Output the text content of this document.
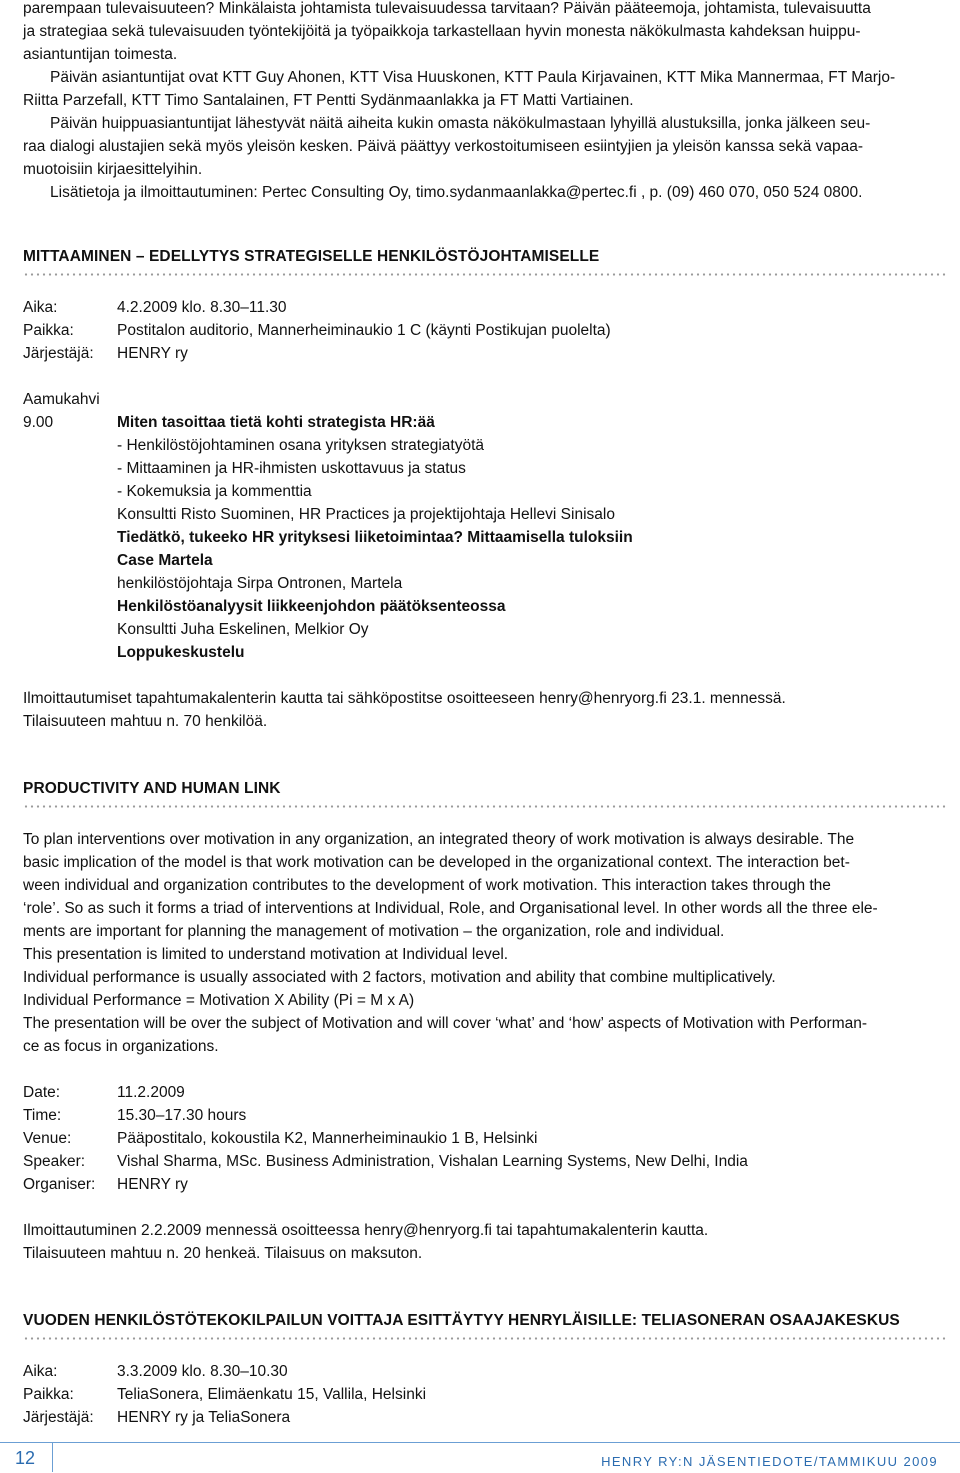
parempaan tulevaisuuteen? Minkälaista johtamista tulevaisuudessa tarvitaan? Päivän pääteemoja, johtamista, tulevaisuutta
ja strategiaa sekä tulevaisuuden työntekijöitä ja työpaikkoja tarkastellaan hyvin monesta näkökulmasta kahdeksan huippu-
asiantuntijan toimesta.

Päivän asiantuntijat ovat KTT Guy Ahonen, KTT Visa Huuskonen, KTT Paula Kirjavainen, KTT Mika Mannermaa, FT Marjo-
Riitta Parzefall, KTT Timo Santalainen, FT Pentti Sydänmaanlakka ja FT Matti Vartiainen.

Päivän huippuasiantuntijat lähestyvät näitä aiheita kukin omasta näkökulmastaan lyhyillä alustuksilla, jonka jälkeen seu-
raa dialogi alustajien sekä myös yleisön kesken. Päivä päättyy verkostoitumiseen esiintyjien ja yleisön kanssa sekä vapaa-
muotoisiin kirjaesittelyihin.

Lisätietoja ja ilmoittautuminen: Pertec Consulting Oy, timo.sydanmaanlakka@pertec.fi , p. (09) 460 070, 050 524 0800.

MITTAAMINEN – EDELLYTYS STRATEGISELLE HENKILÖSTÖJOHTAMISELLE
Aika:	4.2.2009 klo. 8.30–11.30
Paikka:	Postitalon auditorio, Mannerheiminaukio 1 C (käynti Postikujan puolelta)
Järjestäjä:	HENRY ry

Aamukahvi

9.00	Miten tasoittaa tietä kohti strategista HR:ää

- Henkilöstöjohtaminen osana yrityksen strategiatyötä

- Mittaaminen ja HR-ihmisten uskottavuus ja status

- Kokemuksia ja kommenttia

Konsultti Risto Suominen, HR Practices ja projektijohtaja Hellevi Sinisalo

Tiedätkö, tukeeko HR yrityksesi liiketoimintaa? Mittaamisella tuloksiin

Case Martela

henkilöstöjohtaja Sirpa Ontronen, Martela

Henkilöstöanalyysit liikkeenjohdon päätöksenteossa

Konsultti Juha Eskelinen, Melkior Oy

Loppukeskustelu

Ilmoittautumiset tapahtumakalenterin kautta tai sähköpostitse osoitteeseen henry@henryorg.fi 23.1. mennessä.
Tilaisuuteen mahtuu n. 70 henkilöä.

PRODUCTIVITY AND HUMAN LINK

To plan interventions over motivation in any organization, an integrated theory of work motivation is always desirable. The
basic implication of the model is that work motivation can be developed in the organizational context. The interaction bet-
ween individual and organization contributes to the development of work motivation. This interaction takes through the
‘role’. So as such it forms a triad of interventions at Individual, Role, and Organisational level. In other words all the three ele-
ments are important for planning the management of motivation – the organization, role and individual.
This presentation is limited to understand motivation at Individual level.
Individual performance is usually associated with 2 factors, motivation and ability that combine multiplicatively.
Individual Performance = Motivation X Ability (Pi = M x A)
The presentation will be over the subject of Motivation and will cover ‘what’ and ‘how’ aspects of Motivation with Performan-
ce as focus in organizations.

Date:	11.2.2009
Time:	15.30–17.30 hours
Venue:	Pääpostitalo, kokoustila K2, Mannerheiminaukio 1 B, Helsinki
Speaker:	Vishal Sharma, MSc. Business Administration, Vishalan Learning Systems, New Delhi, India
Organiser:	HENRY ry

Ilmoittautuminen 2.2.2009 mennessä osoitteessa henry@henryorg.fi tai tapahtumakalenterin kautta.
Tilaisuuteen mahtuu n. 20 henkeä. Tilaisuus on maksuton.

VUODEN HENKILÖSTÖTEKOKILPAILUN VOITTAJA ESITTÄYTYY HENRYLÄISILLE: TELIASONERAN OSAAJAKESKUS
Aika:	3.3.2009 klo. 8.30–10.30
Paikka:	TeliaSonera, Elimäenkatu 15, Vallila, Helsinki
Järjestäjä:	HENRY ry ja TeliaSonera
12	HENRY RY:N JÄSENTIEDOTE/TAMMIKUU 2009
